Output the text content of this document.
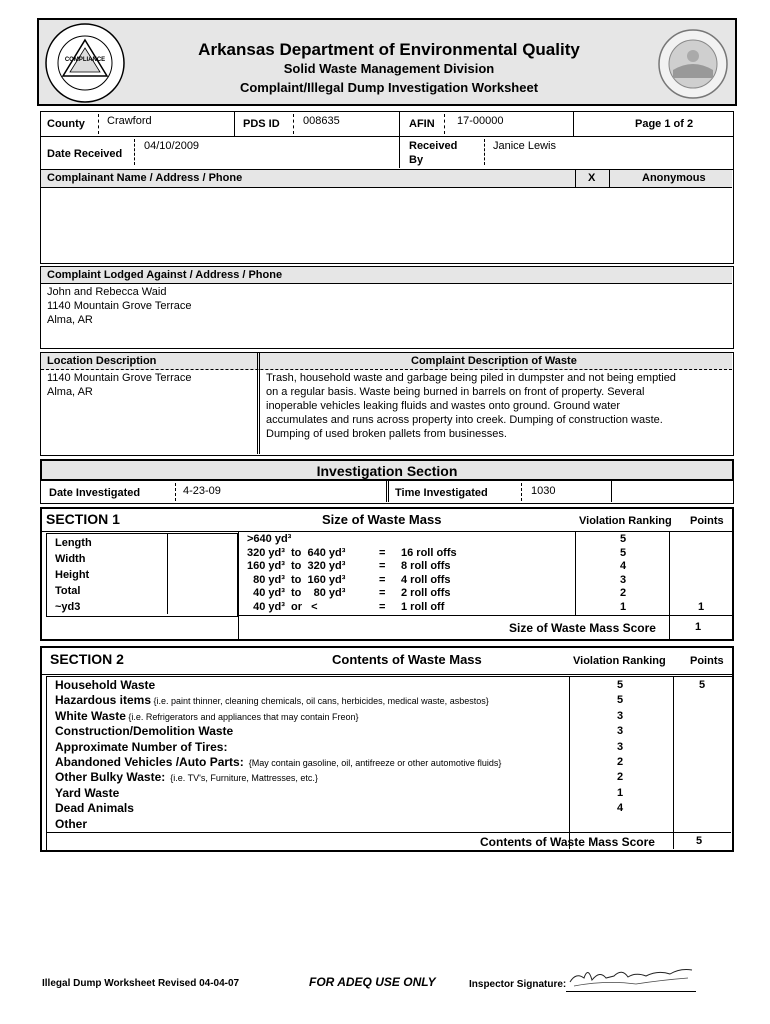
COMPLIANCE
Arkansas Department of Environmental Quality
Solid Waste Management Division
Complaint/Illegal Dump Investigation Worksheet
County Crawford	PDS ID 008635	AFIN 17-00000	Page 1 of 2
Date Received
04/10/2009	Received
By
Janice Lewis
Complainant Name / Address / Phone	X	Anonymous
Complaint Lodged Against / Address / Phone
John and Rebecca Waid
1140 Mountain Grove Terrace
Alma, AR
Location Description	Complaint Description of Waste
1140 Mountain Grove Terrace
Alma, AR
Trash, household waste and garbage being piled in dumpster and not being emptied
on a regular basis. Waste being burned in barrels on front of property. Several
inoperable vehicles leaking fluids and wastes onto ground. Ground water
accumulates and runs across property into creek. Dumping of construction waste.
Dumping of used broken pallets from businesses.
Investigation Section
Date Investigated	4-23-09	Time Investigated	1030
SECTION 1	Size of Waste Mass	Violation Ranking Points
Length
Width
Height
Total
~yd3
>640 yd³	5
320 yd³  to  640 yd³	= 16 roll offs	5
160 yd³  to  320 yd³	= 8 roll offs	4
80 yd³  to  160 yd³	= 4 roll offs	3
40 yd³  to    80 yd³	= 2 roll offs	2
40 yd³  or   <	= 1 roll off	1	1
Size of Waste Mass Score	1
SECTION 2	Contents of Waste Mass	Violation Ranking Points
Contents of Waste Mass Score	5
Household Waste	5	5
Hazardous items {i.e. paint thinner, cleaning chemicals, oil cans, herbicides, medical waste, asbestos}	5
White Waste {i.e. Refrigerators and appliances that may contain Freon}	3
Construction/Demolition Waste	3
Approximate Number of Tires:	3
Abandoned Vehicles /Auto Parts:  {May contain gasoline, oil, antifreeze or other automotive fluids}	2
Other Bulky Waste:  {i.e. TV's, Furniture, Mattresses, etc.}	2
Yard Waste	1
Dead Animals	4
Other
Illegal Dump Worksheet Revised 04-04-07	FOR ADEQ USE ONLY	Inspector Signature:
